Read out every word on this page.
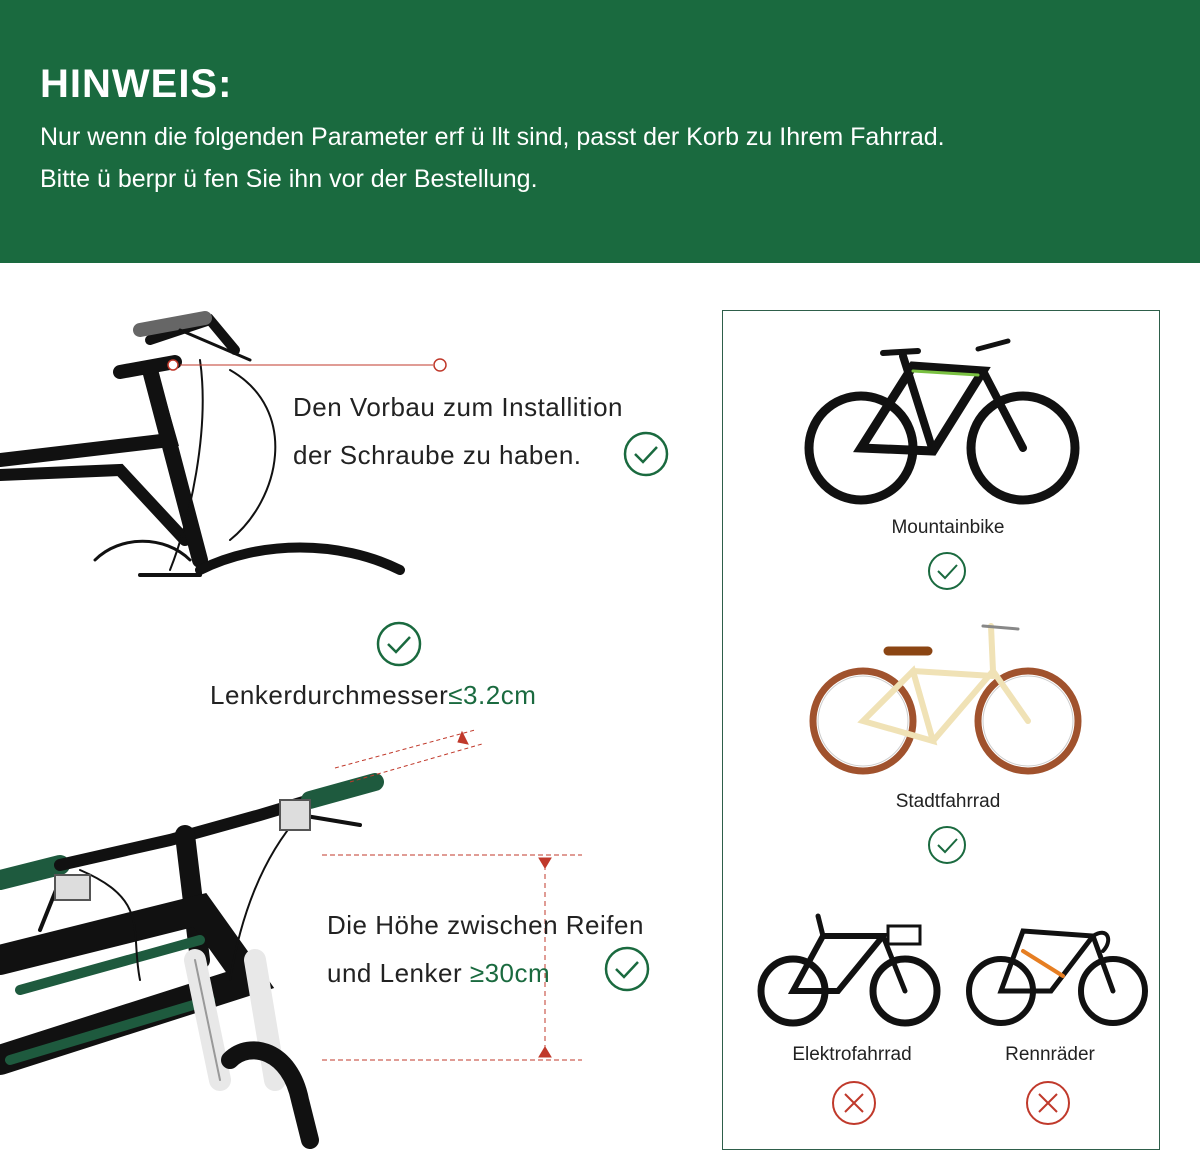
HINWEIS:
Nur wenn die folgenden Parameter erf ü llt sind, passt der Korb zu Ihrem Fahrrad.
Bitte ü berpr ü fen Sie ihn vor der Bestellung.
Den Vorbau zum Installition
der Schraube zu haben.
Lenkerdurchmesser≤3.2cm
Die Höhe zwischen Reifen
und Lenker ≥30cm
Mountainbike
Stadtfahrrad
Elektrofahrrad	Rennräder
